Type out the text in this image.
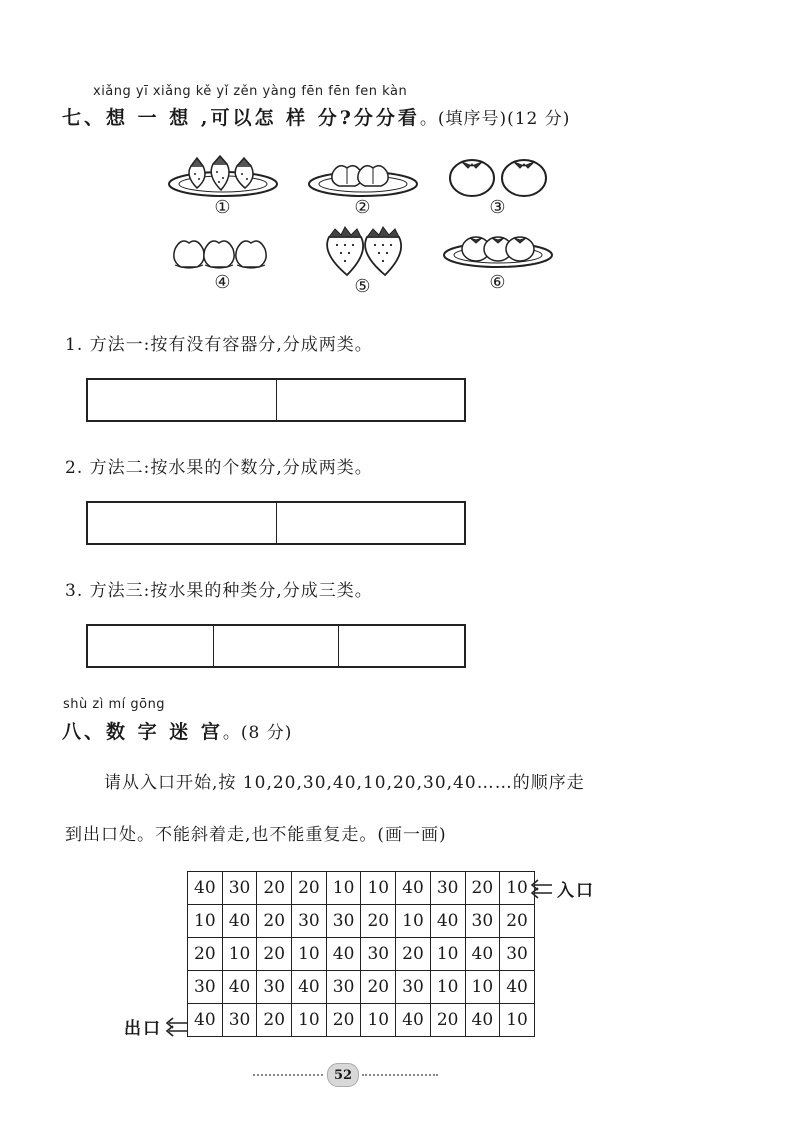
xiǎng yī xiǎng kě yǐ zěn yàng fēn fēn fen kàn
七、想 一 想 ,可以怎 样 分?分分看。(填序号)(12 分)
①	②	③
④	⑤	⑥
1. 方法一:按有没有容器分,分成两类。
2. 方法二:按水果的个数分,分成两类。
3. 方法三:按水果的种类分,分成三类。
shù zì mí gōng
八、数 字 迷 宫。(8 分)
请从入口开始,按 10,20,30,40,10,20,30,40……的顺序走
到出口处。不能斜着走,也不能重复走。(画一画)
40	30	20	20	10	10	40	30	20	10
10	40	20	30	30	20	10	40	30	20
20	10	20	10	40	30	20	10	40	30
30	40	30	40	30	20	30	10	10	40
40	30	20	10	20	10	40	20	40	10
入口
出口
52
